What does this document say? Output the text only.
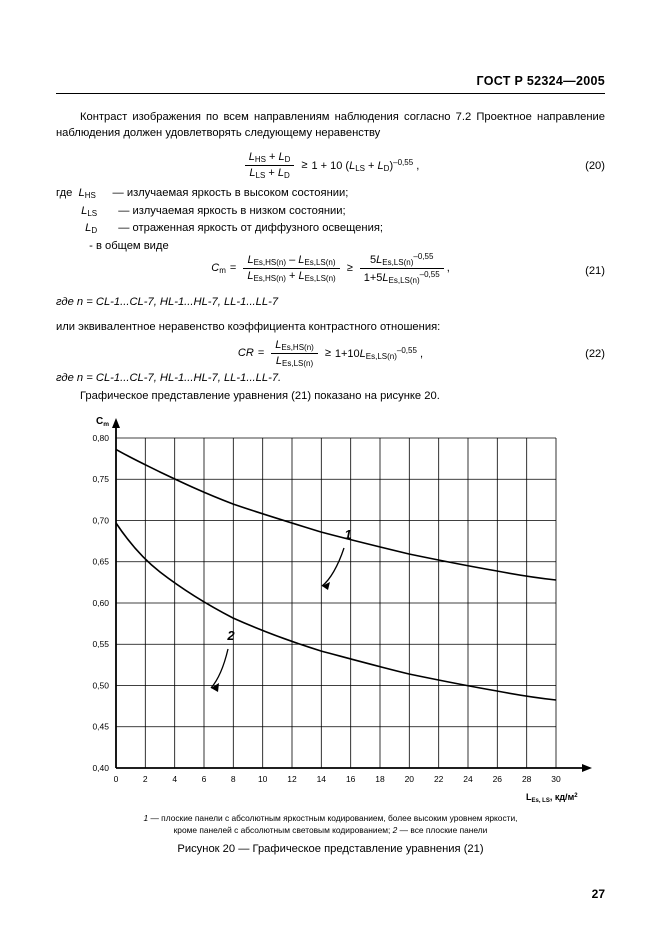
ГОСТ Р 52324—2005
Контраст изображения по всем направлениям наблюдения согласно 7.2 Проектное направление наблюдения должен удовлетворять следующему неравенству
$\frac{L_{HS} + L_D}{L_{LS} + L_D} \ge 1 + 10$ $(L_{LS} + L_D)^{-0,55}$ ,	(20)
где $L_{HS}$ — излучаемая яркость в высоком состоянии;
$L_{LS}$ — излучаемая яркость в низком состоянии;
$L_D$ — отраженная яркость от диффузного освещения;
- в общем виде
$C_m = \frac{L_{Es,HS(n)} - L_{Es,LS(n)}}{L_{Es,HS(n)} + L_{Es,LS(n)}} \ge \frac{5L_{Es,LS(n)}^{-0,55}}{1+5L_{Es,LS(n)}^{-0,55}}$ ,	(21)
где n = CL-1...CL-7, HL-1...HL-7, LL-1...LL-7
или эквивалентное неравенство коэффициента контрастного отношения:
CR = $\frac{L_{Es,HS(n)}}{L_{Es,LS(n)}} \ge 1+10L_{Es,LS(n)}^{-0,55}$ ,	(22)
где n = CL-1...CL-7, HL-1...HL-7, LL-1...LL-7.
Графическое представление уравнения (21) показано на рисунке 20.
0,40
0,45
0,50
0,55
0,60
0,65
0,70
0,75
0,80
0	2	4	6	8	10 12 14 16 18 20 22 24 26 28 30
$C_m$
$L_{Es, LS}$, $кд/м^2$
1
2
1 — плоские панели с абсолютным яркостным кодированием, более высоким уровнем яркости,
кроме панелей с абсолютным световым кодированием; 2 — все плоские панели
Рисунок 20 — Графическое представление уравнения (21)
27
